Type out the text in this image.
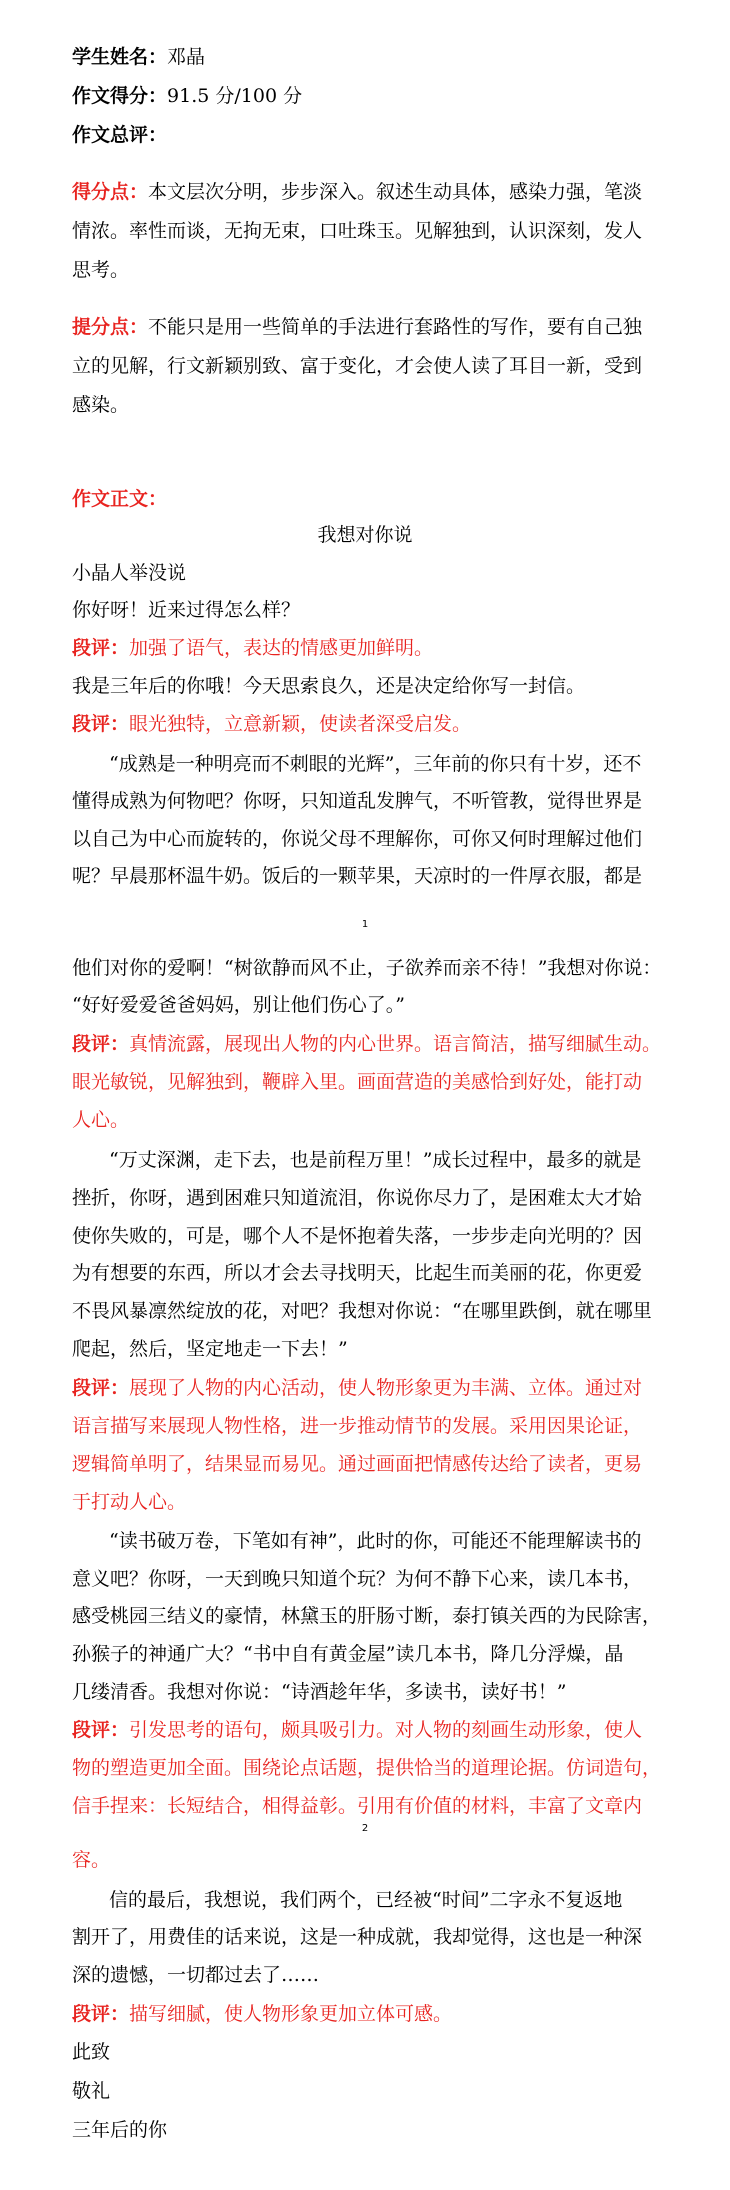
学生姓名：邓晶
作文得分：91.5 分/100 分
作文总评：
得分点：本文层次分明，步步深入。叙述生动具体，感染力强，笔淡
情浓。率性而谈，无拘无束，口吐珠玉。见解独到，认识深刻，发人
思考。
提分点：不能只是用一些简单的手法进行套路性的写作，要有自己独
立的见解，行文新颖别致、富于变化，才会使人读了耳目一新，受到
感染。
作文正文：
我想对你说
小晶人举没说
你好呀！近来过得怎么样？
段评：加强了语气，表达的情感更加鲜明。
我是三年后的你哦！今天思索良久，还是决定给你写一封信。
段评：眼光独特，立意新颖，使读者深受启发。
“成熟是一种明亮而不刺眼的光辉”，三年前的你只有十岁，还不
懂得成熟为何物吧？你呀，只知道乱发脾气，不听管教，觉得世界是
以自己为中心而旋转的，你说父母不理解你，可你又何时理解过他们
呢？早晨那杯温牛奶。饭后的一颗苹果，天凉时的一件厚衣服，都是
1
他们对你的爱啊！“树欲静而风不止，子欲养而亲不待！”我想对你说：
“好好爱爱爸爸妈妈，别让他们伤心了。”
段评：真情流露，展现出人物的内心世界。语言简洁，描写细腻生动。
眼光敏锐，见解独到，鞭辟入里。画面营造的美感恰到好处，能打动
人心。
“万丈深渊，走下去，也是前程万里！”成长过程中，最多的就是
挫折，你呀，遇到困难只知道流泪，你说你尽力了，是困难太大才姶
使你失败的，可是，哪个人不是怀抱着失落，一步步走向光明的？因
为有想要的东西，所以才会去寻找明天，比起生而美丽的花，你更爱
不畏风暴凛然绽放的花，对吧？我想对你说：“在哪里跌倒，就在哪里
爬起，然后，坚定地走一下去！”
段评：展现了人物的内心活动，使人物形象更为丰满、立体。通过对
语言描写来展现人物性格，进一步推动情节的发展。采用因果论证，
逻辑简单明了，结果显而易见。通过画面把情感传达给了读者，更易
于打动人心。
“读书破万卷，下笔如有神”，此时的你，可能还不能理解读书的
意义吧？你呀，一天到晚只知道个玩？为何不静下心来，读几本书，
感受桃园三结义的豪情，林黛玉的肝肠寸断，泰打镇关西的为民除害，
孙猴子的神通广大？“书中自有黄金屋”读几本书，降几分浮燥，晶
几缕清香。我想对你说：“诗酒趁年华，多读书，读好书！”
段评：引发思考的语句，颇具吸引力。对人物的刻画生动形象，使人
物的塑造更加全面。围绕论点话题，提供恰当的道理论据。仿词造句，
信手捏来：长短结合，相得益彰。引用有价值的材料，丰富了文章内
2
容。
信的最后，我想说，我们两个，已经被“时间”二字永不复返地
割开了，用费佳的话来说，这是一种成就，我却觉得，这也是一种深
深的遗憾，一切都过去了……
段评：描写细腻，使人物形象更加立体可感。
此致
敬礼
三年后的你
